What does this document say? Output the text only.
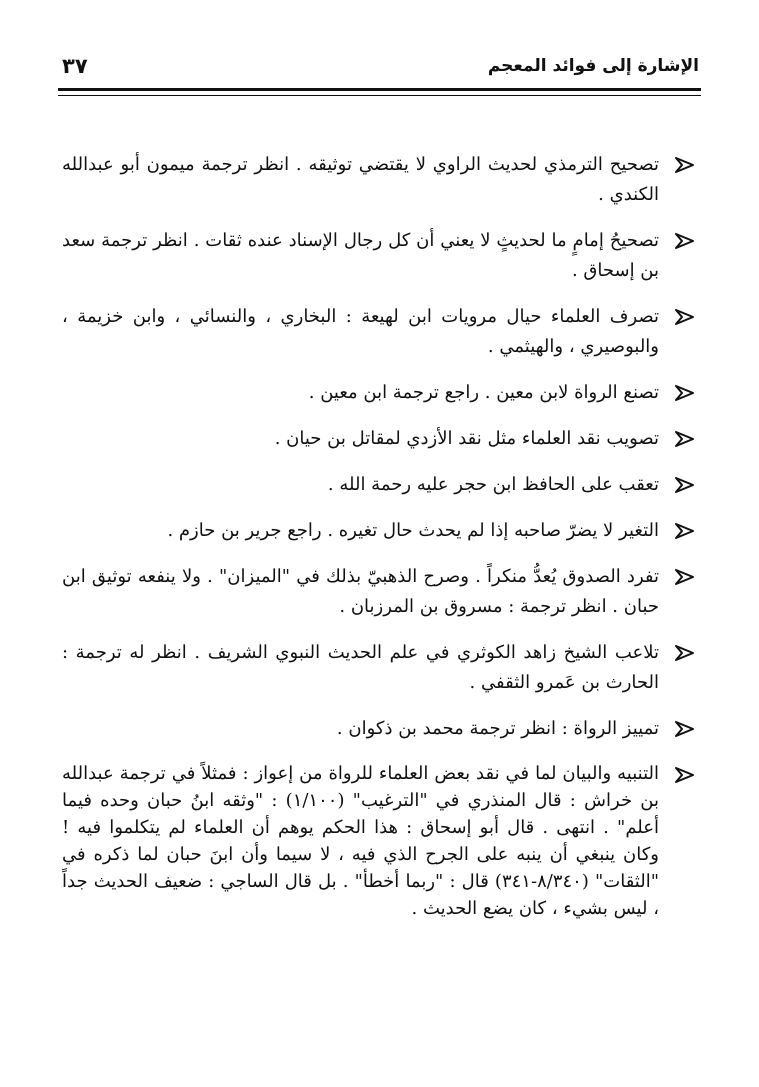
٣٧	الإشارة إلى فوائد المعجم
تصحيح الترمذي لحديث الراوي لا يقتضي توثيقه . انظر ترجمة ميمون أبو عبدالله الكندي .
تصحيحُ إمامٍ ما لحديثٍ لا يعني أن كل رجال الإسناد عنده ثقات . انظر ترجمة سعد بن إسحاق .
تصرف العلماء حيال مرويات ابن لهيعة : البخاري ، والنسائي ، وابن خزيمة ، والبوصيري ، والهيثمي .
تصنع الرواة لابن معين . راجع ترجمة ابن معين .
تصويب نقد العلماء مثل نقد الأزدي لمقاتل بن حيان .
تعقب على الحافظ ابن حجر عليه رحمة الله .
التغير لا يضرّ صاحبه إذا لم يحدث حال تغيره . راجع جرير بن حازم .
تفرد الصدوق يُعدُّ منكراً . وصرح الذهبيّ بذلك في "الميزان" . ولا ينفعه توثيق ابن حبان . انظر ترجمة : مسروق بن المرزبان .
تلاعب الشيخ زاهد الكوثري في علم الحديث النبوي الشريف . انظر له ترجمة : الحارث بن عَمرو الثقفي .
تمييز الرواة : انظر ترجمة محمد بن ذكوان .
التنبيه والبيان لما في نقد بعض العلماء للرواة من إعواز : فمثلاً في ترجمة عبدالله بن خراش : قال المنذري في "الترغيب" (١/١٠٠) : "وثقه ابنُ حبان وحده فيما أعلم" . انتهى . قال أبو إسحاق : هذا الحكم يوهم أن العلماء لم يتكلموا فيه ! وكان ينبغي أن ينبه على الجرح الذي فيه ، لا سيما وأن ابنَ حبان لما ذكره في "الثقات" (٨/٣٤٠-٣٤١) قال : "ربما أخطأ" . بل قال الساجي : ضعيف الحديث جداً ، ليس بشيء ، كان يضع الحديث .
